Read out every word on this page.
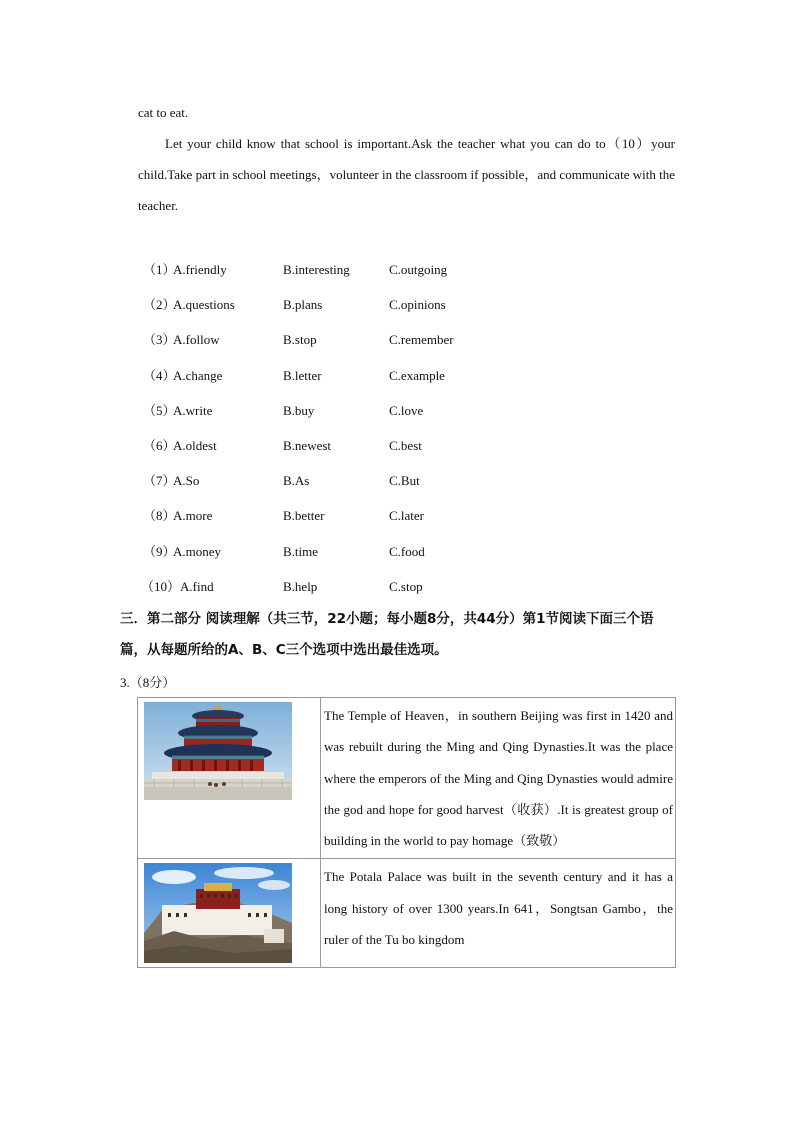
cat to eat.
Let your child know that school is important.Ask the teacher what you can do to（10）your child.Take part in school meetings，volunteer in the classroom if possible，and communicate with the teacher.
（1）
A.friendly	B.interesting	C.outgoing
（2）
A.questions	B.plans	C.opinions
（3）
A.follow	B.stop	C.remember
（4）
A.change	B.letter	C.example
（5）
A.write	B.buy	C.love
（6）
A.oldest	B.newest	C.best
（7）
A.So	B.As	C.But
（8）
A.more	B.better	C.later
（9）
A.money	B.time	C.food
（10） A.find	B.help	C.stop
三．第二部分 阅读理解（共三节，22小题；每小题8分，共44分）第1节阅读下面三个语篇，从每题所给的A、B、C三个选项中选出最佳选项。
3.（8分）
	The Temple of Heaven，in southern Beijing was first in 1420 and was rebuilt during the Ming and Qing Dynasties.It was the place where the emperors of the Ming and Qing Dynasties would admire the god and hope for good harvest（收获）.It is greatest group of building in the world to pay homage（致敬）

	The Potala Palace was built in the seventh century and it has a long history of over 1300 years.In 641，Songtsan Gambo，the ruler of the Tu bo kingdom
